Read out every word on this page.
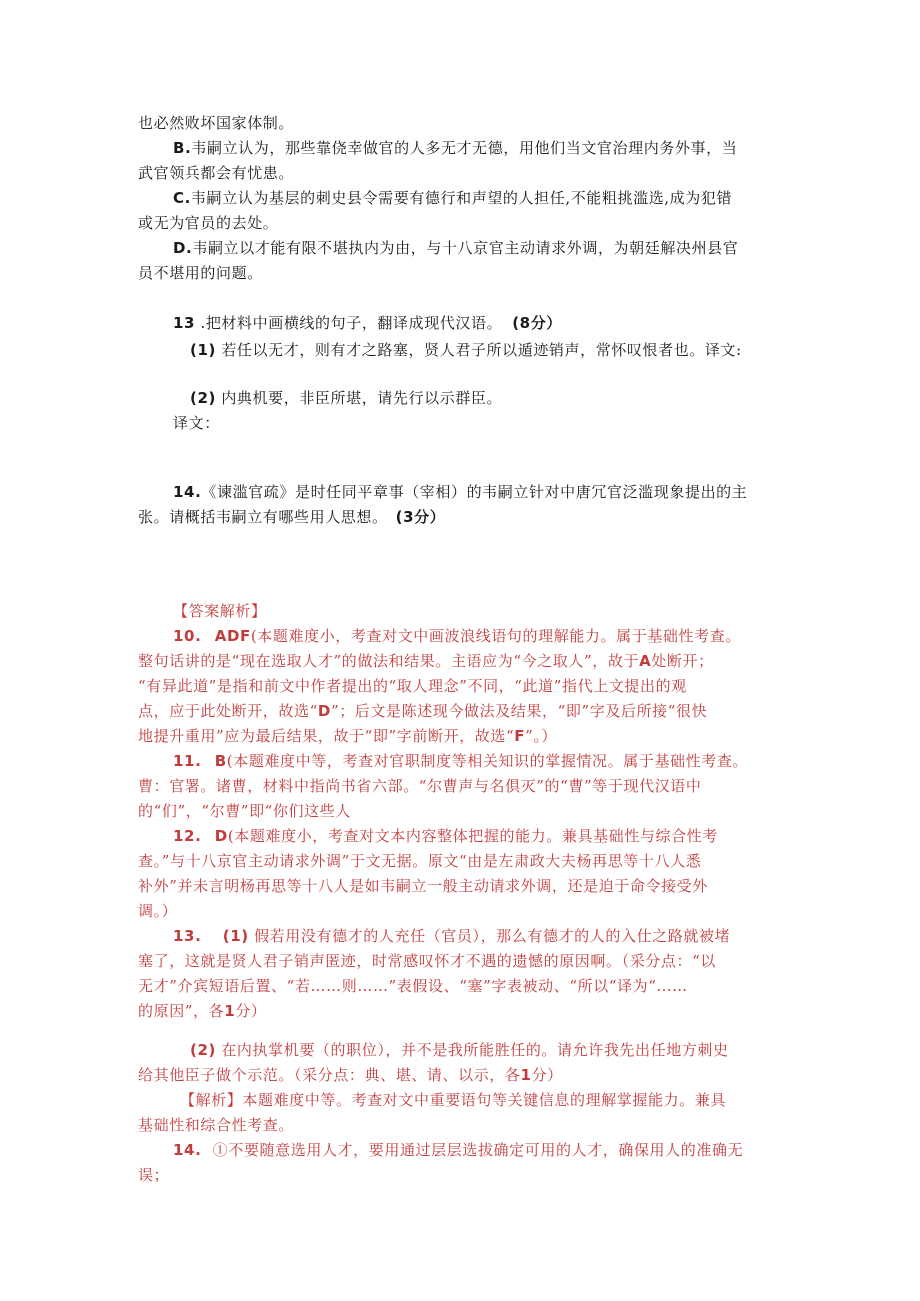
也必然败坏国家体制。

B.韦嗣立认为，那些靠侥幸做官的人多无才无德，用他们当文官治理内务外事，当

武官领兵都会有忧患。

C.韦嗣立认为基层的刺史县令需要有德行和声望的人担任,不能粗挑滥选,成为犯错

或无为官员的去处。

D.韦嗣立以才能有限不堪执内为由，与十八京官主动请求外调，为朝廷解决州县官

员不堪用的问题。

13 .把材料中画横线的句子，翻译成现代汉语。 (8分）

(1) 若任以无才，则有才之路塞，贤人君子所以遁迹销声，常怀叹恨者也。译文:

(2) 内典机要，非臣所堪，请先行以示群臣。

译文：

14.《谏滥官疏》是时任同平章事（宰相）的韦嗣立针对中唐冗官泛滥现象提出的主

张。请概括韦嗣立有哪些用人思想。 (3分）

【答案解析】

10. ADF(本题难度小，考查对文中画波浪线语句的理解能力。属于基础性考查。

整句话讲的是“现在选取人才”的做法和结果。主语应为“今之取人”，故于A处断开；

“有异此道”是指和前文中作者提出的“取人理念”不同，“此道”指代上文提出的观

点，应于此处断开，故选“D”；后文是陈述现今做法及结果，“即”字及后所接“很快

地提升重用”应为最后结果，故于“即”字前断开，故选“F”。）

11. B(本题难度中等，考查对官职制度等相关知识的掌握情况。属于基础性考查。

曹：官署。诸曹，材料中指尚书省六部。“尔曹声与名俱灭”的“曹”等于现代汉语中

的“们”，“尔曹”即“你们这些人

12. D(本题难度小，考查对文本内容整体把握的能力。兼具基础性与综合性考

查。”与十八京官主动请求外调”于文无据。原文“由是左肃政大夫杨再思等十八人悉

补外”并未言明杨再思等十八人是如韦嗣立一般主动请求外调，还是迫于命令接受外

调。）

13. (1) 假若用没有德才的人充任（官员），那么有德才的人的入仕之路就被堵

塞了，这就是贤人君子销声匿迹，时常感叹怀才不遇的遗憾的原因啊。（采分点：“以

无才”介宾短语后置、“若……则……”表假设、“塞”字表被动、“所以“译为“……

的原因”，各1分）

(2) 在内执掌机要（的职位），并不是我所能胜任的。请允许我先出任地方刺史

给其他臣子做个示范。（采分点：典、堪、请、以示，各1分）

【解析】本题难度中等。考查对文中重要语句等关键信息的理解掌握能力。兼具

基础性和综合性考查。

14. ①不要随意选用人才，要用通过层层选拔确定可用的人才，确保用人的准确无

误；
